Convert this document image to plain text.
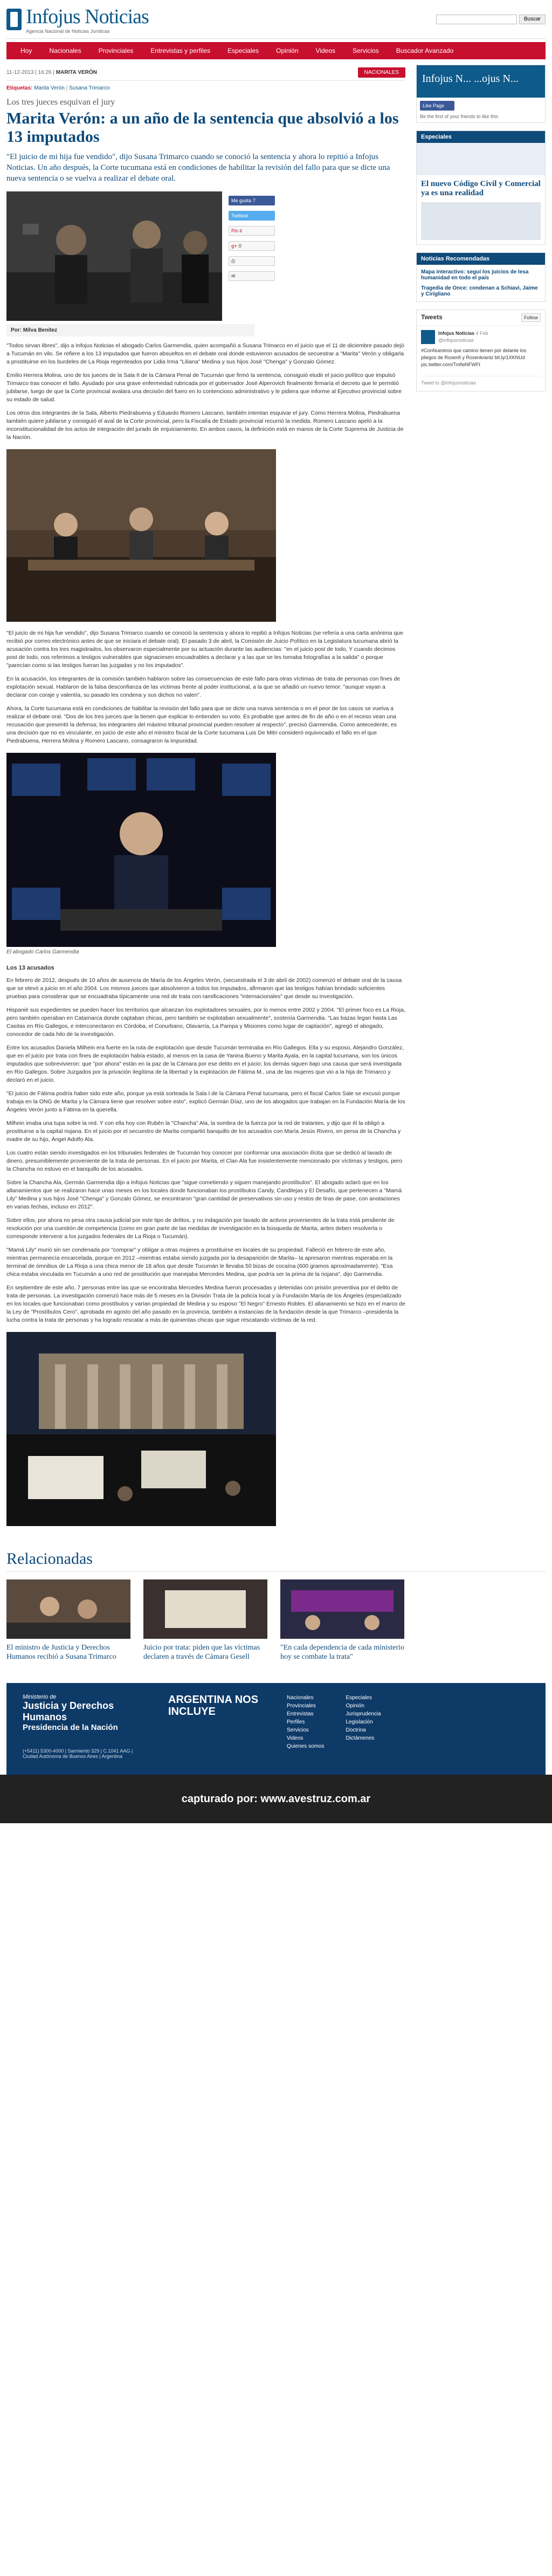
Infojus Noticias
Agencia Nacional de Noticias Jurídicas
Buscar
Hoy	Nacionales	Provinciales	Entrevistas y perfiles	Especiales	Opinión	Videos	Servicios	Buscador Avanzado
11-12-2013 | 16:26 | MARITA VERÓN	NACIONALES
Etiquetas: Marita Verón | Susana Trimarco
Los tres jueces esquivan el jury
Marita Verón: a un año de la sentencia que absolvió a los 13 imputados
"El juicio de mi hija fue vendido", dijo Susana Trimarco cuando se conoció la sentencia y ahora lo repitió a Infojus Noticias. Un año después, la Corte tucumana está en condiciones de habilitar la revisión del fallo para que se dicte una nueva sentencia o se vuelva a realizar el debate oral.
Me gusta 7
Twittear
Pin it
g+ 0
⎙
✉
Por: Milva Benitez

"Todos sirvan libres", dijo a Infojus Noticias el abogado Carlos Garmendia, quien acompañó a Susana Trimarco en el juicio que el 11 de diciembre pasado dejó a Tucumán en vilo. Se refiere a los 13 imputados que fueron absueltos en el debate oral donde estuvieron acusados de secuestrar a "Marita" Verón y obligarla a prostituirse en los burdeles de La Rioja regenteados por Lidia Irma "Liliana" Medina y sus hijos José "Chenga" y Gonzalo Gómez.

Emilio Herrera Molina, uno de los jueces de la Sala II de la Cámara Penal de Tucumán que firmó la sentencia, consiguió eludir el juicio político que impulsó Trimarco tras conocer el fallo. Ayudado por una grave enfermedad rubricada por el gobernador José Alperovich finalmente firmaría el decreto que le permitió jubilarse, luego de que la Corte provincial avalara una decisión del fuero en lo contencioso administrativo y le pidiera que informe al Ejecutivo provincial sobre su estado de salud.

Los otros dos integrantes de la Sala, Alberto Piedrabuena y Eduardo Romero Lascano, también intentan esquivar el jury. Como Herrera Molina, Piedrabuena también quiere jubilarse y consiguió el aval de la Corte provincial, pero la Fiscalía de Estado provincial recurrió la medida. Romero Lascano apeló a la inconstitucionalidad de los actos de integración del jurado de enjuiciamiento. En ambos casos, la definición está en manos de la Corte Suprema de Justicia de la Nación.

"El juicio de mi hija fue vendido", dijo Susana Trimarco cuando se conoció la sentencia y ahora lo repitió a Infojus Noticias (se refería a una carta anónima que recibió por correo electrónico antes de que se iniciara el debate oral). El pasado 3 de abril, la Comisión de Juicio Político en la Legislatura tucumana abrió la acusación contra los tres magistrados, los observaron especialmente por su actuación durante las audiencias: "en el juicio post de todo, Y cuando decimos post de todo, nos referimos a testigos vulnerables que signaciesen encuadrables a declarar y a las que se les tomaba fotografías a la salida" o porque "parecían como si las testigos fueran las juzgadas y no los imputados".

En la acusación, los integrantes de la comisión también hablaron sobre las consecuencias de este fallo para otras víctimas de trata de personas con fines de explotación sexual. Hablaron de la falsa desconfianza de las víctimas frente al poder institucional, a la que se añadió un nuevo temor: "aunque vayan a declarar con coraje y valentía, su pasado les condena y sus dichos no valen".

Ahora, la Corte tucumana está en condiciones de habilitar la revisión del fallo para que se dicte una nueva sentencia o en el peor de los casos se vuelva a realizar el debate oral. "Dos de los tres jueces que la tienen que explicar lo entienden su voto. Es probable que antes de fin de año o en el receso vean una recusación que presentó la defensa; los integrantes del máximo tribunal provincial pueden resolver al respecto", precisó Garmendia. Como antecedente, es una decisión que no es vinculante, en juicio de este año el ministro fiscal de la Corte tucumana Luis De Mitri consideró equivocado el fallo en el que Piedrabuena, Herrera Molina y Romero Lascano, consagraron la impunidad.

El abogado Carlos Garmendia
Los 13 acusados

En febrero de 2012, después de 10 años de ausencia de María de los Ángeles Verón, (secuestrada el 3 de abril de 2002) comenzó el debate oral de la causa que se elevó a juicio en el año 2004. Los mismos jueces que absolvieron a todos los imputados, afirmaron que las testigos habían brindado suficientes pruebas para considerar que se encuadraba típicamente una red de trata con ramificaciones "internacionales" que desde su investigación.

Hispanié sus expedientes se pueden hacer los territorios que alcanzan los explotadores sexuales, por lo menos entre 2002 y 2004. "El primer foco es La Rioja, pero también operaban en Catamarca donde captaban chicas, pero también se explotaban sexualmente", sostenía Garmendia. "Las bazas legan hasta Las Casitas en Río Gallegos, e interconectaron en Córdoba, el Conurbano, Olavarría, La Pampa y Misiones como lugar de captación", agregó el abogado, conocedor de cada hilo de la investigación.

Entre los acusados Daniela Milhein era fuerte en la ruta de explotación que desde Tucumán terminaba en Río Gallegos. Ella y su esposo, Alejandro González, que en el juicio por trata con fines de explotación había estado, al menos en la casa de Yanina Bueno y Marita Ayala, en la capital tucumana, son los únicos imputados que sobrevivieron: que "por ahora" están en la paz de la Cámara por ese delito en el juicio; los demás siguen bajo una causa que será investigada en Río Gallegos. Sobre Juzgados por la privación ilegítima de la libertad y la explotación de Fátima M., una de las mujeres que vio a la hija de Trimarco y declaró en el juicio.

"El juicio de Fátima podría haber sido este año, porque ya está sorteada la Sala I de la Cámara Penal tucumana, pero el fiscal Carlos Sale se excusó porque trabaja en la ONG de Marita y la Cámara tiene que resolver sobre esto", explicó Germán Díaz, uno de los abogados que trabajan en la Fundación María de los Ángeles Verón junto a Fátima en la querella.

Milhein imaba una tupa sobre la red. Y con ella hoy con Rubén la "Chancha" Ala, la sombra de la fuerza por la red de tratantes, y dijo que él la obligó a prostituirse a la capital riojana. En el juicio por el secuestro de Marita compartió banquillo de los acusados con María Jesús Rivero, en persa de la Chancha y madre de su hijo, Ángel Adolfo Ala.

Los cuatro están siendo investigados en los tribunales federales de Tucumán hoy conocer por conformar una asociación ilícita que se dedicó al lavado de dinero, presumiblemente proveniente de la trata de personas. En el juicio por Marita, el Clan Ala fue insistentemente mencionado por víctimas y testigos, pero la Chancha no estuvo en el banquillo de los acusados.

Sobre la Chancha Ala, Germán Garmendia dijo a Infojus Noticias que "sigue cometiendo y siguen manejando prostíbulos". El abogado aclaró que en los allanamientos que se realizaron hace unas meses en los locales donde funcionaban los prostíbulos Candy, Candilejas y El Desafío, que pertenecen a "Mamá Lily" Medina y sus hijos José "Chenga" y Gonzalo Gómez, se encontraron "gran cantidad de preservativos sin uso y restos de tiras de pase, con anotaciones en varias fechas, incluso en 2012".

Sobre ellos, por ahora no pesa otra causa judicial por este tipo de delitos, y no indagación por lavado de activos provenientes de la trata está pendiente de resolución por una cuestión de competencia (como en gran parte de las medidas de investigación en la búsqueda de Marita, antes deben resolverla o corresponde intervenir a los juzgados federales de La Rioja o Tucumán).

"Mamá Lily" murió sin ser condenada por "comprar" y obligar a otras mujeres a prostituirse en locales de su propiedad. Falleció en febrero de este año, mientras permanecía encarcelada, porque en 2012 –mientras estaba siendo juzgada por la desaparición de Marita– la apresaron mientras esperaba en la terminal de ómnibus de La Rioja a una chica menor de 18 años que desde Tucumán le llevaba 50 bizas de cocaína (600 gramos aproximadamente). "Esa chica estaba vinculada en Tucumán a uno red de prostitución que manejaba Mercedes Medina, que podría ser la prima de la riojana", dijo Garmendia.

En septiembre de este año, 7 personas entre las que se encontraba Mercedes Medina fueron procesadas y detenidas con prisión preventiva por el delito de trata de personas. La investigación comenzó hace más de 5 meses en la División Trata de la policía local y la Fundación María de los Ángeles (especializado en los locales que funcionaban como prostíbulos y varían propiedad de Medina y su esposo "El Negro" Ernesto Robles. El allanamiento se hizo en el marco de la Ley de "Prostíbulos Cero", aprobada en agosto del año pasado en la provincia, también a instancias de la fundación desde la que Trimarco –presidenta la lucha contra la trata de personas y ha logrado rescatar a más de quinientas chicas que sigue rescatando víctimas de la red.

Infojus N... ...ojus N...
Like Page
Be the first of your friends to like this
Especiales
El nuevo Código Civil y Comercial ya es una realidad
Noticias Recomendadas
Mapa interactivo: seguí los juicios de lesa humanidad en todo el país
Tragedia de Once: condenan a Schiavi, Jaime y Cirigliano
Tweets	Follow
Infojus Noticias 4 Feb
@infojusnoticias
#ConNuestros que camino tienen por delante los pliegos de Rosenfi y Rosenkrantz bit.ly/1XKNUd pic.twitter.com/TmfwNFWFt
Tweet to @infojusnoticias
Relacionadas
El ministro de Justicia y Derechos Humanos recibió a Susana Trimarco
Juicio por trata: piden que las víctimas declaren a través de Cámara Gesell
"En cada dependencia de cada ministerio hoy se combate la trata"
Ministerio de
Justicia y Derechos Humanos
Presidencia de la Nación
(+5411) 5300-4000 | Sarmiento 329 | C.1041 AAG | Ciudad Autónoma de Buenos Aires | Argentina
ARGENTINA NOS INCLUYE
Nacionales
Provinciales
Entrevistas
Perfiles
Servicios
Videos
Quienes somos
Especiales
Opinión
Jurisprudencia
Legislación
Doctrina
Dictámenes
capturado por: www.avestruz.com.ar
